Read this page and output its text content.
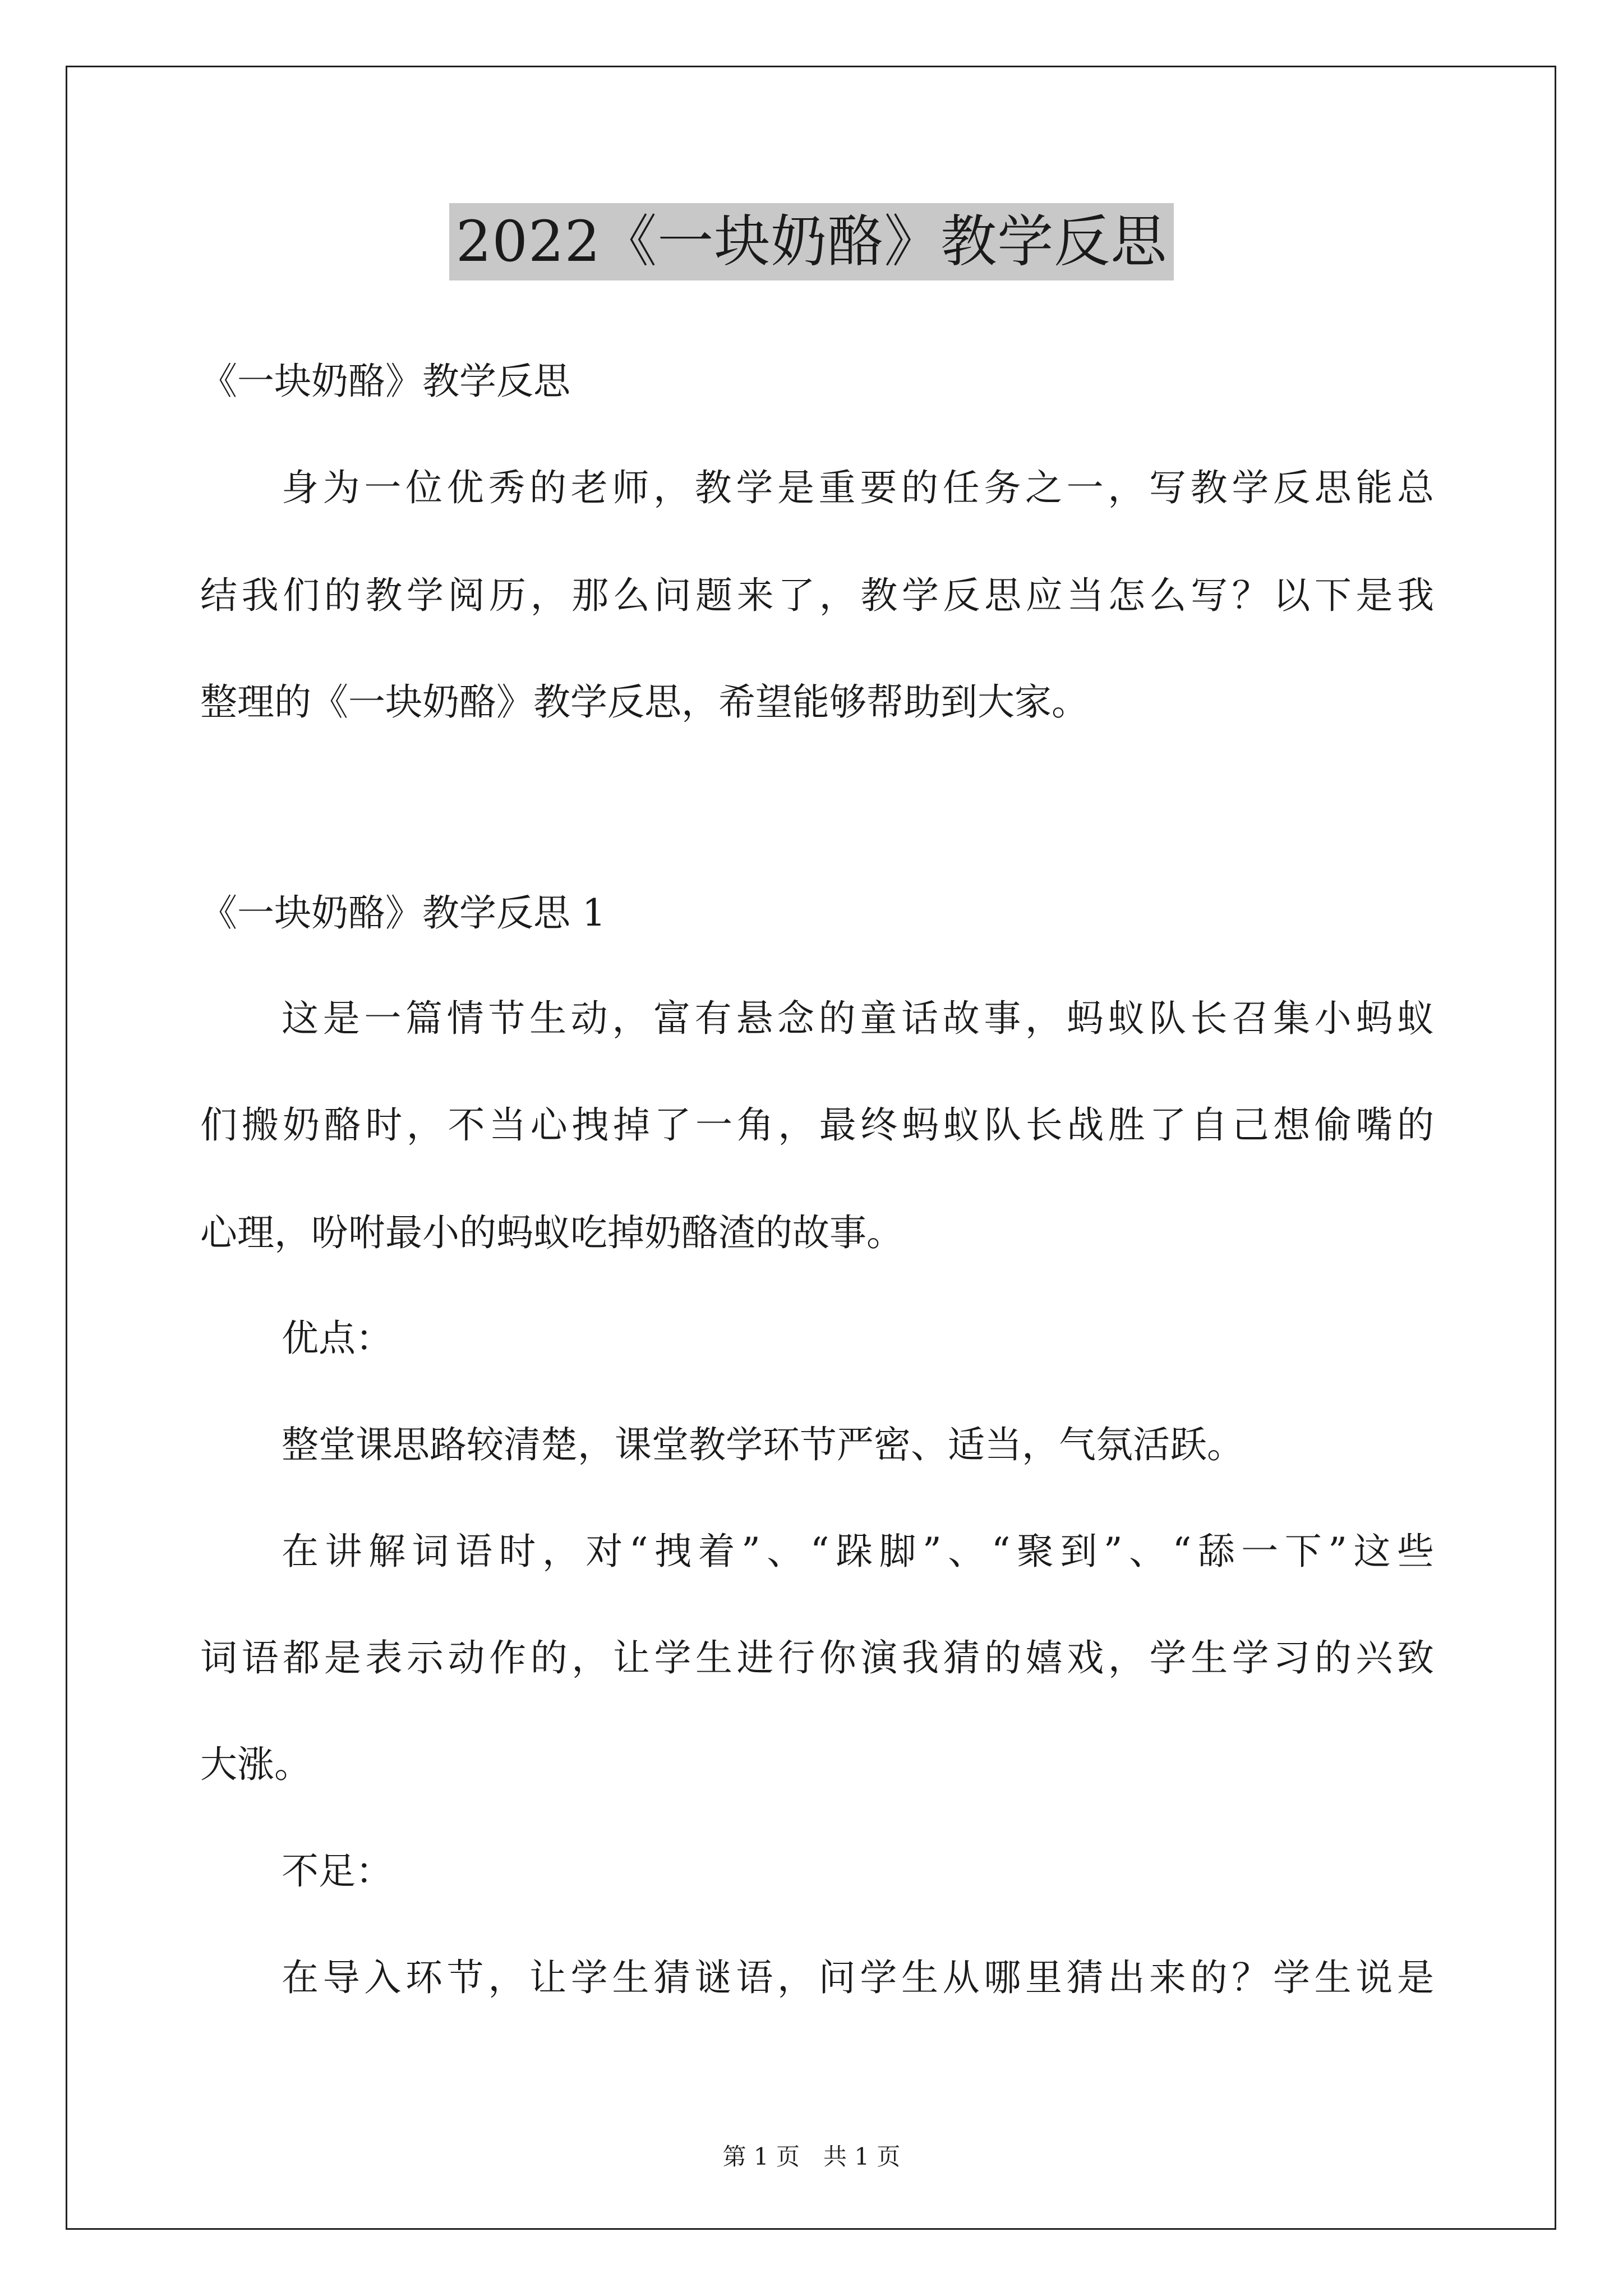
2022《一块奶酪》教学反思
《一块奶酪》教学反思
身为一位优秀的老师，教学是重要的任务之一，写教学反思能总
结我们的教学阅历，那么问题来了，教学反思应当怎么写？以下是我
整理的《一块奶酪》教学反思，希望能够帮助到大家。
《一块奶酪》教学反思 1
这是一篇情节生动，富有悬念的童话故事，蚂蚁队长召集小蚂蚁
们搬奶酪时，不当心拽掉了一角，最终蚂蚁队长战胜了自己想偷嘴的
心理，吩咐最小的蚂蚁吃掉奶酪渣的故事。
优点：
整堂课思路较清楚，课堂教学环节严密、适当，气氛活跃。
在讲解词语时，对“拽着”、“跺脚”、“聚到”、“舔一下”这些
词语都是表示动作的，让学生进行你演我猜的嬉戏，学生学习的兴致
大涨。
不足：
在导入环节，让学生猜谜语，问学生从哪里猜出来的？学生说是
第 1 页　共 1 页
